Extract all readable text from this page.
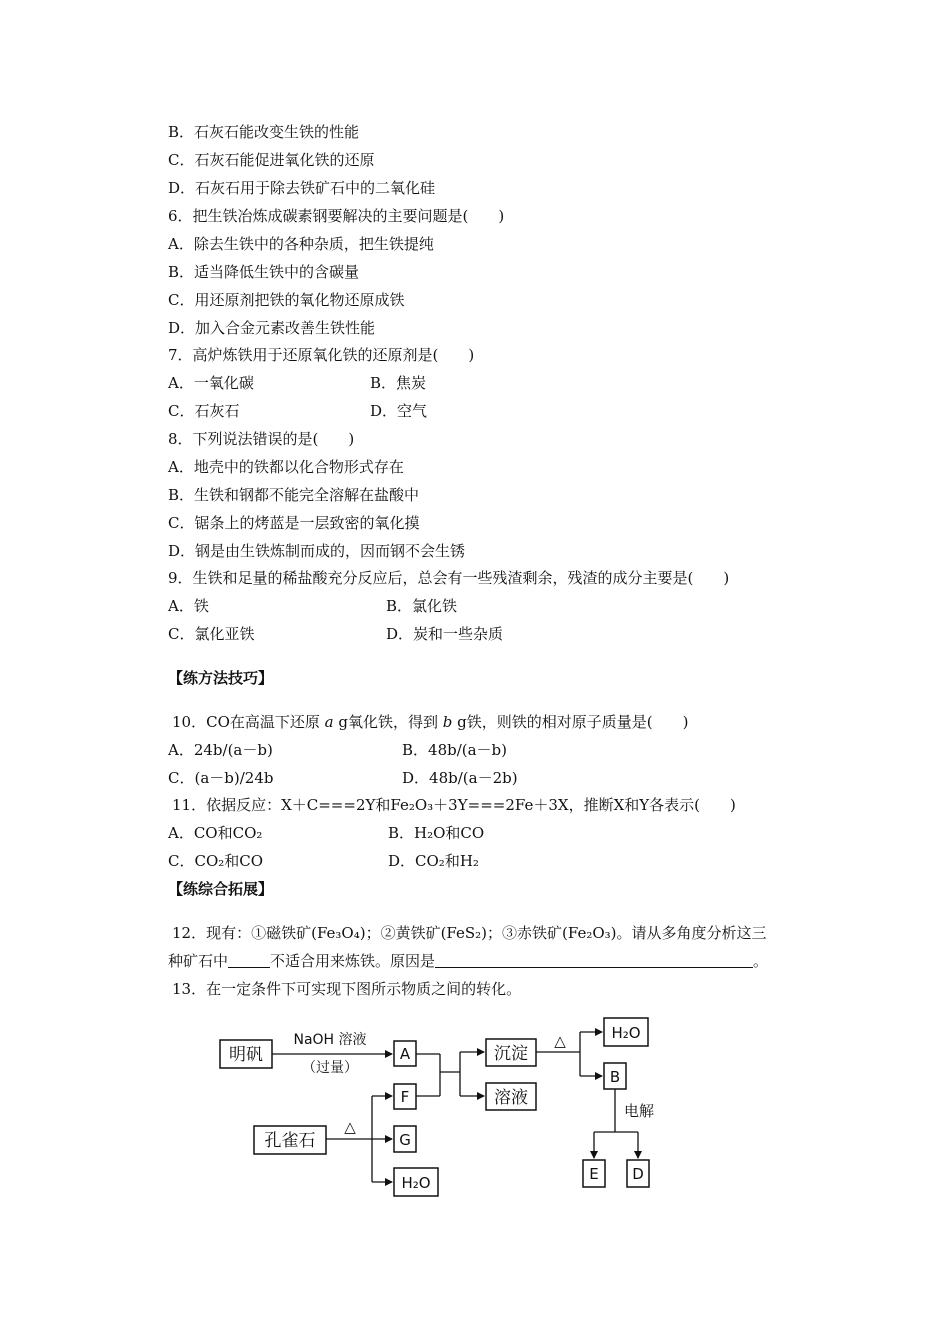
B．石灰石能改变生铁的性能
C．石灰石能促进氧化铁的还原
D．石灰石用于除去铁矿石中的二氧化硅
6．把生铁冶炼成碳素钢要解决的主要问题是(　　)
A．除去生铁中的各种杂质，把生铁提纯
B．适当降低生铁中的含碳量
C．用还原剂把铁的氧化物还原成铁
D．加入合金元素改善生铁性能
7．高炉炼铁用于还原氧化铁的还原剂是(　　)
A．一氧化碳	B．焦炭
C．石灰石	D．空气
8．下列说法错误的是(　　)
A．地壳中的铁都以化合物形式存在
B．生铁和钢都不能完全溶解在盐酸中
C．锯条上的烤蓝是一层致密的氧化摸
D．钢是由生铁炼制而成的，因而钢不会生锈
9．生铁和足量的稀盐酸充分反应后，总会有一些残渣剩余，残渣的成分主要是(　　)
A．铁	B．氯化铁
C．氯化亚铁	D．炭和一些杂质
【练方法技巧】
10．CO在高温下还原 a g氧化铁，得到 b g铁，则铁的相对原子质量是(　　)
A．24b/(a－b)	B．48b/(a－b)
C．(a－b)/24b	D．48b/(a－2b)
11．依据反应：X＋C===2Y和Fe₂O₃＋3Y===2Fe＋3X，推断X和Y各表示(　　)
A．CO和CO₂	B．H₂O和CO
C．CO₂和CO	D．CO₂和H₂
【练综合拓展】
12．现有：①磁铁矿(Fe₃O₄)；②黄铁矿(FeS₂)；③赤铁矿(Fe₂O₃)。请从多角度分析这三
种矿石中	不适合用来炼铁。原因是	。
13．在一定条件下可实现下图所示物质之间的转化。
明矾
NaOH 溶液
（过量）
A
F
沉淀
溶液
△	H₂O
B
电解
E D
孔雀石
△
G
H₂O
